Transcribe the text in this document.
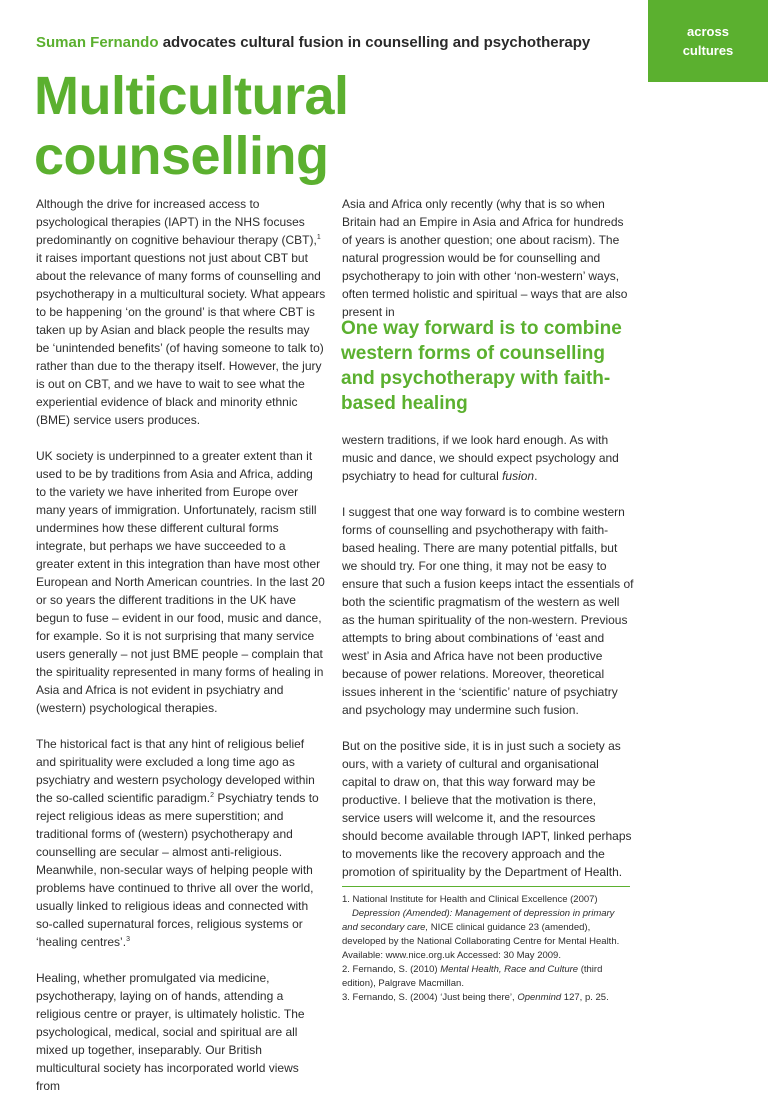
across
cultures
Suman Fernando advocates cultural fusion in counselling and psychotherapy
Multicultural
counselling

Although the drive for increased access to psychological therapies (IAPT) in the NHS focuses predominantly on cognitive behaviour therapy (CBT),$^1$ it raises important questions not just about CBT but about the relevance of many forms of counselling and psychotherapy in a multicultural society. What appears to be happening ‘on the ground’ is that where CBT is taken up by Asian and black people the results may be ‘unintended benefits’ (of having someone to talk to) rather than due to the therapy itself. However, the jury is out on CBT, and we have to wait to see what the experiential evidence of black and minority ethnic (BME) service users produces.

UK society is underpinned to a greater extent than it used to be by traditions from Asia and Africa, adding to the variety we have inherited from Europe over many years of immigration. Unfortunately, racism still undermines how these different cultural forms integrate, but perhaps we have succeeded to a greater extent in this integration than have most other European and North American countries. In the last 20 or so years the different traditions in the UK have begun to fuse – evident in our food, music and dance, for example. So it is not surprising that many service users generally – not just BME people – complain that the spirituality represented in many forms of healing in Asia and Africa is not evident in psychiatry and (western) psychological therapies.

The historical fact is that any hint of religious belief and spirituality were excluded a long time ago as psychiatry and western psychology developed within the so-called scientific paradigm.$^2$ Psychiatry tends to reject religious ideas as mere superstition; and traditional forms of (western) psychotherapy and counselling are secular – almost anti-religious. Meanwhile, non-secular ways of helping people with problems have continued to thrive all over the world, usually linked to religious ideas and connected with so-called supernatural forces, religious systems or ‘healing centres’.$^3$

Healing, whether promulgated via medicine, psychotherapy, laying on of hands, attending a religious centre or prayer, is ultimately holistic. The psychological, medical, social and spiritual are all mixed up together, inseparably. Our British multicultural society has incorporated world views from

Asia and Africa only recently (why that is so when Britain had an Empire in Asia and Africa for hundreds of years is another question; one about racism). The natural progression would be for counselling and psychotherapy to join with other ‘non-western’ ways, often termed holistic and spiritual – ways that are also present in

One way forward is to combine western forms of counselling and psychotherapy with faith-based healing

western traditions, if we look hard enough. As with music and dance, we should expect psychology and psychiatry to head for cultural fusion.

I suggest that one way forward is to combine western forms of counselling and psychotherapy with faith-based healing. There are many potential pitfalls, but we should try. For one thing, it may not be easy to ensure that such a fusion keeps intact the essentials of both the scientific pragmatism of the western as well as the human spirituality of the non-western. Previous attempts to bring about combinations of ‘east and west’ in Asia and Africa have not been productive because of power relations. Moreover, theoretical issues inherent in the ‘scientific’ nature of psychiatry and psychology may undermine such fusion.

But on the positive side, it is in just such a society as ours, with a variety of cultural and organisational capital to draw on, that this way forward may be productive. I believe that the motivation is there, service users will welcome it, and the resources should become available through IAPT, linked perhaps to movements like the recovery approach and the promotion of spirituality by the Department of Health.

1. National Institute for Health and Clinical Excellence (2007)
Depression (Amended): Management of depression in primary and secondary care, NICE clinical guidance 23 (amended), developed by the National Collaborating Centre for Mental Health. Available: www.nice.org.uk Accessed: 30 May 2009.

2. Fernando, S. (2010) Mental Health, Race and Culture (third edition), Palgrave Macmillan.

3. Fernando, S. (2004) ‘Just being there’, Openmind 127, p. 25.
